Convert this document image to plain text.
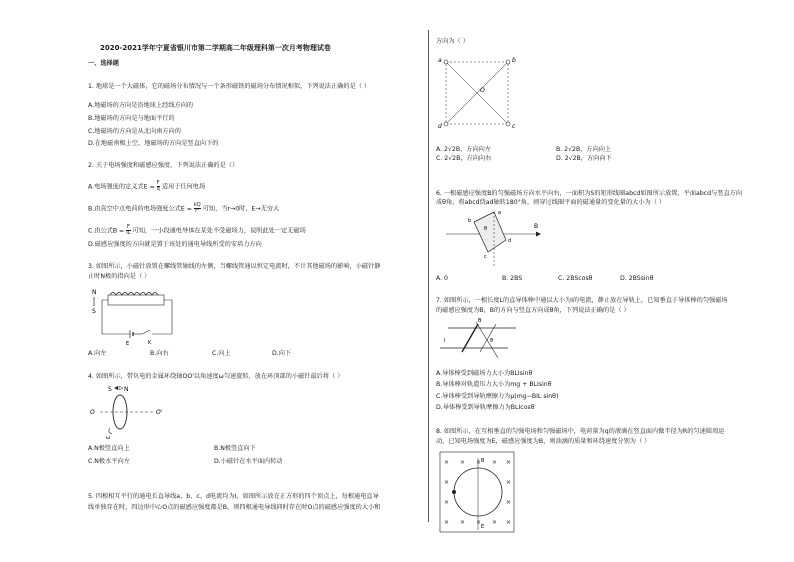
2020-2021学年宁夏省银川市第二学期高二年级理科第一次月考物理试卷
一、选择题
1. 地球是一个大磁体，它的磁场分布情况与一个条形磁铁的磁场分布情况相似，下列说法正确的是（ ）
A.地磁场的方向是沿地球上经线方向的
B.地磁场的方向是与地面平行的
C.地磁场的方向是从北向南方向的
D.在地磁南极上空，地磁场的方向是竖直向下的
2. 关于电场强度和磁感应强度，下列说法正确的是（）
A.电场强度的定义式$E = \frac{F}{q}$ 适用于任何电场
B.由真空中点电荷的电场强度公式$E = \frac{kQ}{\text{r²}}$ 可知，当r→0时，E→无穷大
C.由公式$B = \frac{F}{IL}$ 可知，一小段通电导体在某处不受磁场力，说明此处一定无磁场
D.磁感应强度的方向就是置于该处的通电导线所受的安培力方向
3. 如图所示，小磁针放置在螺线管轴线的左侧，当螺线管通以恒定电流时，不计其他磁场的影响，小磁针静
止时N极的指向是（ ）
N
S
E	K
A.向左	B.向右	C.向上	D.向下
4. 如图所示，带负电的金属环绕轴OO'以角速度ω匀速旋转，放在环顶部的小磁针最后将（ ）
S N
O	O'
ω
A.N极竖直向上	B.N极竖直向下
C.N极水平向左	D.小磁针在水平面内转动
5. 四根相互平行的通电长直导线a、b、c、d电流均为I，如图所示放在正方形的四个顶点上，每根通电直导
线单独存在时，四边形中心O点的磁感应强度都是B，则四根通电导线同时存在时O点的磁感应强度的大小和
方向为（ ）
a	b
c
d
O
A. 2√2B，方向向左	B. 2√2B，方向向上
C. 2√2B，方向向右	D. 2√2B，方向向下
6. 一根磁感应强度B的匀强磁场方向水平向右，一面积为S的矩形线圈abcd如图所示放置，平面abcd与竖直方向
成θ角，将abcd绕ad轴转180°角，则穿过线圈平面的磁通量的变化量的大小为（ ）
B
a
d
c
b
θ
A. 0	B. 2BS	C. 2BScosθ	D. 2BSsinθ
7. 如图所示，一根长度L的直导体棒中通以大小为I的电流，静止放在导轨上，已知垂直于导体棒的匀强磁场
的磁感应强度为B，B的方向与竖直方向成θ角，下列说法正确的是（ ）
B
θ
I
A.导体棒受到磁场力大小为BLIsinθ
B.导体棒对轨道压力大小为mg + BLIsinθ
C.导体棒受到导轨摩擦力为μ(mg−BIL sinθ)
D.导体棒受到导轨摩擦力为BLIcosθ
8. 如图所示，在互相垂直的匀强电场和匀强磁场中，电荷量为q的液滴在竖直面内做半径为R的匀速圆周运
动，已知电场强度为E，磁感应强度为B，则油滴的质量和环绕速度分别为（ ）
× × × × ×
×	×
×	×
× × × × ×
B
E
